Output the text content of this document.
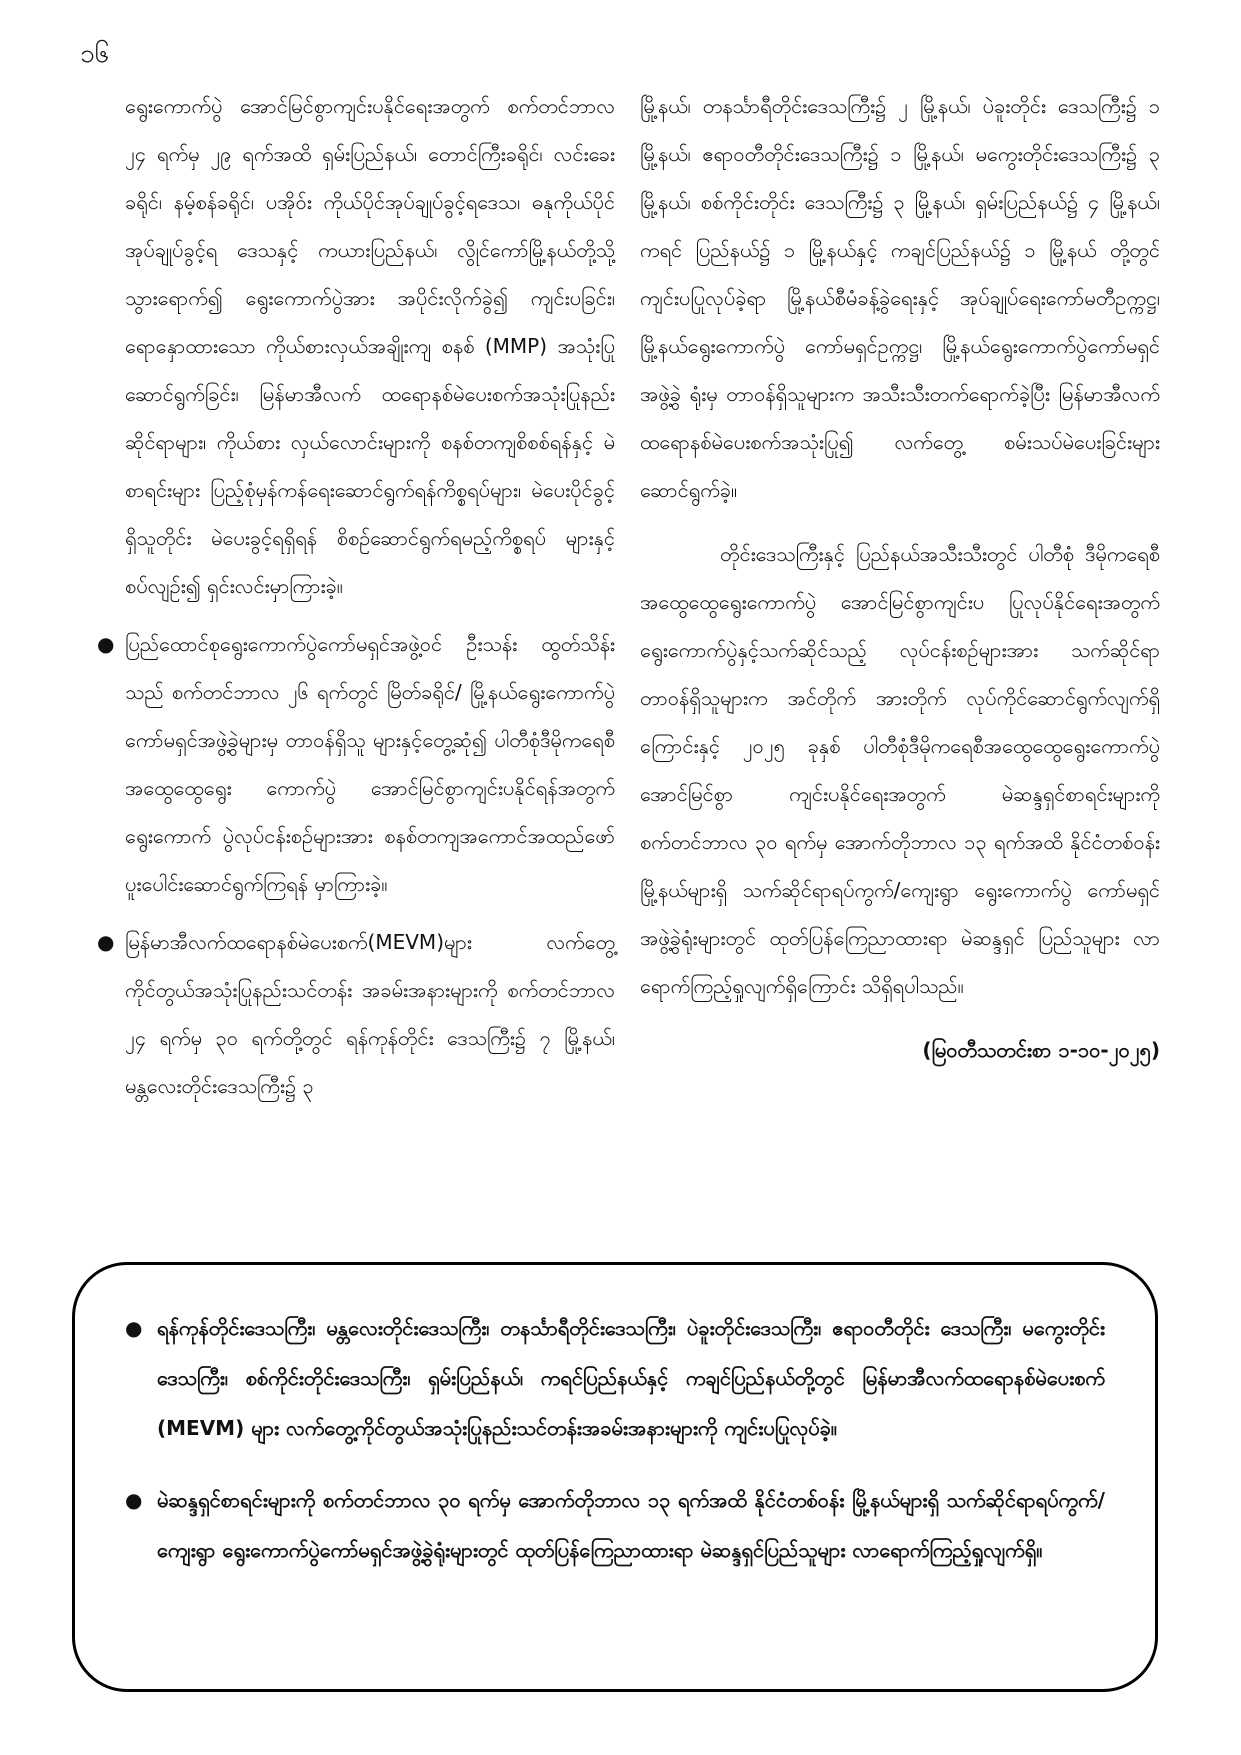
၁၆

ရွေးကောက်ပွဲ အောင်မြင်စွာကျင်းပနိုင်ရေးအတွက် စက်တင်ဘာလ ၂၄ ရက်မှ ၂၉ ရက်အထိ ရှမ်းပြည်နယ်၊ တောင်ကြီးခရိုင်၊ လင်းခေးခရိုင်၊ နမ့်စန်ခရိုင်၊ ပအိုဝ်း ကိုယ်ပိုင်အုပ်ချုပ်ခွင့်ရဒေသ၊ ဓနုကိုယ်ပိုင်အုပ်ချုပ်ခွင့်ရ ဒေသနှင့် ကယားပြည်နယ်၊ လွိုင်ကော်မြို့နယ်တို့သို့ သွားရောက်၍ ရွေးကောက်ပွဲအား အပိုင်းလိုက်ခွဲ၍ ကျင်းပခြင်း၊ ရောနှောထားသော ကိုယ်စားလှယ်အချိုးကျ စနစ် (MMP) အသုံးပြုဆောင်ရွက်ခြင်း၊ မြန်မာအီလက် ထရောနစ်မဲပေးစက်အသုံးပြုနည်းဆိုင်ရာများ၊ ကိုယ်စား လှယ်လောင်းများကို စနစ်တကျစိစစ်ရန်နှင့် မဲစာရင်းများ ပြည့်စုံမှန်ကန်ရေးဆောင်ရွက်ရန်ကိစ္စရပ်များ၊ မဲပေးပိုင်ခွင့် ရှိသူတိုင်း မဲပေးခွင့်ရရှိရန် စိစဉ်ဆောင်ရွက်ရမည့်ကိစ္စရပ် များနှင့်စပ်လျဉ်း၍ ရှင်းလင်းမှာကြားခဲ့။

● ပြည်ထောင်စုရွေးကောက်ပွဲကော်မရှင်အဖွဲ့ဝင် ဦးသန်း ထွတ်သိန်းသည် စက်တင်ဘာလ ၂၆ ရက်တွင် မြိတ်ခရိုင်/ မြို့နယ်ရွေးကောက်ပွဲကော်မရှင်အဖွဲ့ခွဲများမှ တာဝန်ရှိသူ များနှင့်တွေ့ဆုံ၍ ပါတီစုံဒီမိုကရေစီအထွေထွေရွေး ကောက်ပွဲ အောင်မြင်စွာကျင်းပနိုင်ရန်အတွက် ရွေးကောက် ပွဲလုပ်ငန်းစဉ်များအား စနစ်တကျအကောင်အထည်ဖော် ပူးပေါင်းဆောင်ရွက်ကြရန် မှာကြားခဲ့။
● မြန်မာအီလက်ထရောနစ်မဲပေးစက်(MEVM)များ လက်တွေ့ ကိုင်တွယ်အသုံးပြုနည်းသင်တန်း အခမ်းအနားများကို စက်တင်ဘာလ ၂၄ ရက်မှ ၃၀ ရက်တို့တွင် ရန်ကုန်တိုင်း ဒေသကြီး၌ ၇ မြို့နယ်၊ မန္တလေးတိုင်းဒေသကြီး၌ ၃

မြို့နယ်၊ တနင်္သာရီတိုင်းဒေသကြီး၌ ၂ မြို့နယ်၊ ပဲခူးတိုင်း ဒေသကြီး၌ ၁ မြို့နယ်၊ ဧရာဝတီတိုင်းဒေသကြီး၌ ၁ မြို့နယ်၊ မကွေးတိုင်းဒေသကြီး၌ ၃ မြို့နယ်၊ စစ်ကိုင်းတိုင်း ဒေသကြီး၌ ၃ မြို့နယ်၊ ရှမ်းပြည်နယ်၌ ၄ မြို့နယ်၊ ကရင် ပြည်နယ်၌ ၁ မြို့နယ်နှင့် ကချင်ပြည်နယ်၌ ၁ မြို့နယ် တို့တွင် ကျင်းပပြုလုပ်ခဲ့ရာ မြို့နယ်စီမံခန့်ခွဲရေးနှင့် အုပ်ချုပ်ရေးကော်မတီဥက္ကဋ္ဌ၊ မြို့နယ်ရွေးကောက်ပွဲ ကော်မရှင်ဥက္ကဋ္ဌ၊ မြို့နယ်ရွေးကောက်ပွဲကော်မရှင်အဖွဲ့ခွဲ ရုံးမှ တာဝန်ရှိသူများက အသီးသီးတက်ရောက်ခဲ့ပြီး မြန်မာအီလက်ထရောနစ်မဲပေးစက်အသုံးပြု၍ လက်တွေ့ စမ်းသပ်မဲပေးခြင်းများ ဆောင်ရွက်ခဲ့။

တိုင်းဒေသကြီးနှင့် ပြည်နယ်အသီးသီးတွင် ပါတီစုံ ဒီမိုကရေစီအထွေထွေရွေးကောက်ပွဲ အောင်မြင်စွာကျင်းပ ပြုလုပ်နိုင်ရေးအတွက် ရွေးကောက်ပွဲနှင့်သက်ဆိုင်သည့် လုပ်ငန်းစဉ်များအား သက်ဆိုင်ရာတာဝန်ရှိသူများက အင်တိုက် အားတိုက် လုပ်ကိုင်ဆောင်ရွက်လျက်ရှိကြောင်းနှင့် ၂၀၂၅ ခုနှစ် ပါတီစုံဒီမိုကရေစီအထွေထွေရွေးကောက်ပွဲ အောင်မြင်စွာ ကျင်းပနိုင်ရေးအတွက် မဲဆန္ဒရှင်စာရင်းများကို စက်တင်ဘာလ ၃၀ ရက်မှ အောက်တိုဘာလ ၁၃ ရက်အထိ နိုင်ငံတစ်ဝန်း မြို့နယ်များရှိ သက်ဆိုင်ရာရပ်ကွက်/ကျေးရွာ ရွေးကောက်ပွဲ ကော်မရှင်အဖွဲ့ခွဲရုံးများတွင် ထုတ်ပြန်ကြေညာထားရာ မဲဆန္ဒရှင် ပြည်သူများ လာရောက်ကြည့်ရှုလျက်ရှိကြောင်း သိရှိရပါသည်။

(မြဝတီသတင်းစာ ၁-၁၀-၂၀၂၅)

● ရန်ကုန်တိုင်းဒေသကြီး၊ မန္တလေးတိုင်းဒေသကြီး၊ တနင်္သာရီတိုင်းဒေသကြီး၊ ပဲခူးတိုင်းဒေသကြီး၊ ဧရာဝတီတိုင်း ဒေသကြီး၊ မကွေးတိုင်းဒေသကြီး၊ စစ်ကိုင်းတိုင်းဒေသကြီး၊ ရှမ်းပြည်နယ်၊ ကရင်ပြည်နယ်နှင့် ကချင်ပြည်နယ်တို့တွင် မြန်မာအီလက်ထရောနစ်မဲပေးစက် (MEVM) များ လက်တွေ့ကိုင်တွယ်အသုံးပြုနည်းသင်တန်းအခမ်းအနားများကို ကျင်းပပြုလုပ်ခဲ့။
● မဲဆန္ဒရှင်စာရင်းများကို စက်တင်ဘာလ ၃၀ ရက်မှ အောက်တိုဘာလ ၁၃ ရက်အထိ နိုင်ငံတစ်ဝန်း မြို့နယ်များရှိ သက်ဆိုင်ရာရပ်ကွက်/ကျေးရွာ ရွေးကောက်ပွဲကော်မရှင်အဖွဲ့ခွဲရုံးများတွင် ထုတ်ပြန်ကြေညာထားရာ မဲဆန္ဒရှင်ပြည်သူများ လာရောက်ကြည့်ရှုလျက်ရှိ။
